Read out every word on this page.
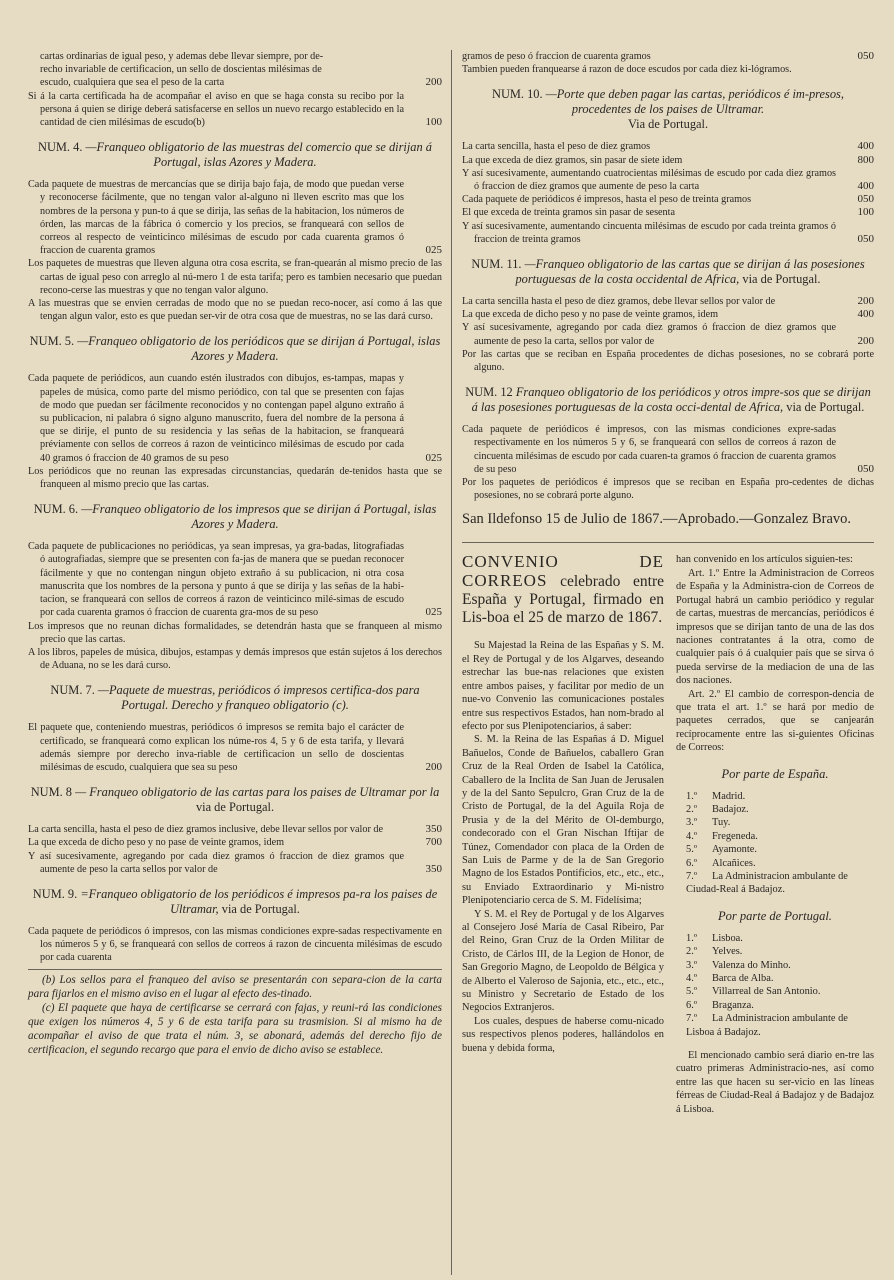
cartas ordinarias de igual peso, y ademas debe llevar siempre, por de-

recho invariable de certificacion, un sello de doscientas milésimas de

escudo, cualquiera que sea el peso de la carta	200

Si á la carta certificada ha de acompañar el aviso en que se haga consta su recibo por la persona á quien se dirige deberá satisfacerse en sellos un nuevo recargo establecido en la cantidad de cien milésimas de escudo(b)	100
NUM. 4. —Franqueo obligatorio de las muestras del comercio que se dirijan á Portugal, islas Azores y Madera.

Cada paquete de muestras de mercancías que se dirija bajo faja, de modo que puedan verse y reconocerse fácilmente, que no tengan valor al-alguno ni lleven escrito mas que los nombres de la persona y pun-to á que se dirija, las señas de la habitacion, los números de órden, las marcas de la fábrica ó comercio y los precios, se franqueará con sellos de correos al respecto de veinticinco milésimas de escudo por cada cuarenta gramos ó fraccion de cuarenta gramos	025

Los paquetes de muestras que lleven alguna otra cosa escrita, se fran-quearán al mismo precio de las cartas de igual peso con arreglo al nú-mero 1 de esta tarifa; pero es tambien necesario que puedan recono-cerse las muestras y que no tengan valor alguno.

A las muestras que se envien cerradas de modo que no se puedan reco-nocer, así como á las que tengan algun valor, esto es que puedan ser-vir de otra cosa que de muestras, no se las dará curso.

NUM. 5. —Franqueo obligatorio de los periódicos que se dirijan á Portugal, islas Azores y Madera.

Cada paquete de periódicos, aun cuando estén ilustrados con dibujos, es-tampas, mapas y papeles de música, como parte del mismo periódico, con tal que se presenten con fajas de modo que puedan ser fácilmente reconocidos y no contengan papel alguno extraño á su publicacion, ni palabra ó signo alguno manuscrito, fuera del nombre de la persona á que se dirije, el punto de su residencia y las señas de la habitacion, se franqueará préviamente con sellos de correos á razon de veinticinco milésimas de escudo por cada 40 gramos ó fraccion de 40 gramos de su peso	025

Los periódicos que no reunan las expresadas circunstancias, quedarán de-tenidos hasta que se franqueen al mismo precio que las cartas.

NUM. 6. —Franqueo obligatorio de los impresos que se dirijan á Portugal, islas Azores y Madera.

Cada paquete de publicaciones no periódicas, ya sean impresas, ya gra-badas, litografiadas ó autografiadas, siempre que se presenten con fa-jas de manera que se puedan reconocer fácilmente y que no contengan ningun objeto extraño á su publicacion, ni otra cosa manuscrita que los nombres de la persona y punto á que se dirija y las señas de la habi-tacion, se franqueará con sellos de correos á razon de veinticinco milé-simas de escudo por cada cuarenta gramos ó fraccion de cuarenta gra-mos de su peso	025

Los impresos que no reunan dichas formalidades, se detendrán hasta que se franqueen al mismo precio que las cartas.

A los libros, papeles de música, dibujos, estampas y demás impresos que están sujetos á los derechos de Aduana, no se les dará curso.

NUM. 7. —Paquete de muestras, periódicos ó impresos certifica-dos para Portugal. Derecho y franqueo obligatorio (c).

El paquete que, conteniendo muestras, periódicos ó impresos se remita bajo el carácter de certificado, se franqueará como explican los núme-ros 4, 5 y 6 de esta tarifa, y llevará además siempre por derecho inva-riable de certificacion un sello de doscientas milésimas de escudo, cualquiera que sea su peso	200
NUM. 8 — Franqueo obligatorio de las cartas para los paises de Ultramar por la via de Portugal.

La carta sencilla, hasta el peso de diez gramos inclusive, debe llevar sellos por valor de	350

La que exceda de dicho peso y no pase de veinte gramos, idem	700

Y así sucesivamente, agregando por cada diez gramos ó fraccion de diez gramos que aumente de peso la carta sellos por valor de	350
NUM. 9. =Franqueo obligatorio de los periódicos é impresos pa-ra los paises de Ultramar, via de Portugal.

Cada paquete de periódicos ó impresos, con las mismas condiciones expre-sadas respectivamente en los números 5 y 6, se franqueará con sellos de correos á razon de cincuenta milésimas de escudo por cada cuarenta

(b) Los sellos para el franqueo del aviso se presentarán con separa-cion de la carta para fijarlos en el mismo aviso en el lugar al efecto des-tinado.

(c) El paquete que haya de certificarse se cerrará con fajas, y reuni-rá las condiciones que exigen los números 4, 5 y 6 de esta tarifa para su trasmision. Si al mismo ha de acompañar el aviso de que trata el núm. 3, se abonará, además del derecho fijo de certificacion, el segundo recargo que para el envio de dicho aviso se establece.

gramos de peso ó fraccion de cuarenta gramos	050

Tambien pueden franquearse á razon de doce escudos por cada diez ki-lógramos.

NUM. 10. —Porte que deben pagar las cartas, periódicos é im-presos, procedentes de los paises de Ultramar.
Via de Portugal.

La carta sencilla, hasta el peso de diez gramos	400

La que exceda de diez gramos, sin pasar de siete idem	800

Y así sucesivamente, aumentando cuatrocientas milésimas de escudo por cada diez gramos ó fraccion de diez gramos que aumente de peso la carta	400

Cada paquete de periódicos é impresos, hasta el peso de treinta gramos	050

El que exceda de treinta gramos sin pasar de sesenta	100

Y así sucesivamente, aumentando cincuenta milésimas de escudo por cada treinta gramos ó fraccion de treinta gramos	050
NUM. 11. —Franqueo obligatorio de las cartas que se dirijan á las posesiones portuguesas de la costa occidental de Africa, via de Portugal.

La carta sencilla hasta el peso de diez gramos, debe llevar sellos por valor de	200

La que exceda de dicho peso y no pase de veinte gramos, idem	400

Y así sucesivamente, agregando por cada diez gramos ó fraccion de diez gramos que aumente de peso la carta, sellos por valor de	200

Por las cartas que se reciban en España procedentes de dichas posesiones, no se cobrará porte alguno.

NUM. 12 Franqueo obligatorio de los periódicos y otros impre-sos que se dirijan á las posesiones portuguesas de la costa occi-dental de Africa, via de Portugal.

Cada paquete de periódicos é impresos, con las mismas condiciones expre-sadas respectivamente en los números 5 y 6, se franqueará con sellos de correos á razon de cincuenta milésimas de escudo por cada cuaren-ta gramos ó fraccion de cuarenta gramos de su peso	050

Por los paquetes de periódicos é impresos que se reciban en España pro-cedentes de dichas posesiones, no se cobrará porte alguno.

San Ildefonso 15 de Julio de 1867.—Aprobado.—Gonzalez Bravo.

CONVENIO DE CORREOS celebrado entre España y Portugal, firmado en Lis-boa el 25 de marzo de 1867.

Su Majestad la Reina de las Españas y S. M. el Rey de Portugal y de los Algarves, deseando estrechar las bue-nas relaciones que existen entre ambos paises, y facilitar por medio de un nue-vo Convenio las comunicaciones postales entre sus respectivos Estados, han nom-brado al efecto por sus Plenipotenciarios, á saber:

S. M. la Reina de las Españas á D. Miguel Bañuelos, Conde de Bañuelos, caballero Gran Cruz de la Real Orden de Isabel la Católica, Caballero de la Inclita de San Juan de Jerusalen y de la del Santo Sepulcro, Gran Cruz de la de Cristo de Portugal, de la del Aguila Roja de Prusia y de la del Mérito de Ol-demburgo, condecorado con el Gran Nischan Iftijar de Túnez, Comendador con placa de la Orden de San Luis de Parme y de la de San Gregorio Magno de los Estados Pontificios, etc., etc., etc., su Enviado Extraordinario y Mi-nistro Plenipotenciario cerca de S. M. Fidelísima;

Y S. M. el Rey de Portugal y de los Algarves al Consejero José María de Casal Ribeiro, Par del Reino, Gran Cruz de la Orden Militar de Cristo, de Cárlos III, de la Legion de Honor, de San Gregorio Magno, de Leopoldo de Bélgica y de Alberto el Valeroso de Sajonia, etc., etc., etc., su Ministro y Secretario de Estado de los Negocios Extranjeros.

Los cuales, despues de haberse comu-nicado sus respectivos plenos poderes, hallándolos en buena y debida forma,

han convenido en los artículos siguien-tes:

Art. 1.º Entre la Administracion de Correos de España y la Administra-cion de Correos de Portugal habrá un cambio periódico y regular de cartas, muestras de mercancías, periódicos é impresos que se dirijan tanto de una de las dos naciones contratantes á la otra, como de cualquier país ó á cualquier país que se sirva ó pueda servirse de la mediacion de una de las dos naciones.

Art. 2.º El cambio de correspon-dencia de que trata el art. 1.º se hará por medio de paquetes cerrados, que se canjearán recíprocamente entre las si-guientes Oficinas de Correos:

Por parte de España.
1.º Madrid.
2.º Badajoz.
3.º Tuy.
4.º Fregeneda.
5.º Ayamonte.
6.º Alcañices.
7.º La Administracion ambulante de Ciudad-Real á Badajoz.
Por parte de Portugal.
1.º Lisboa.
2.º Yelves.
3.º Valenza do Minho.
4.º Barca de Alba.
5.º Villarreal de San Antonio.
6.º Braganza.
7.º La Administracion ambulante de Lisboa á Badajoz.

El mencionado cambio será diario en-tre las cuatro primeras Administracio-nes, así como entre las que hacen su ser-vicio en las líneas férreas de Ciudad-Real á Badajoz y de Badajoz á Lisboa.
